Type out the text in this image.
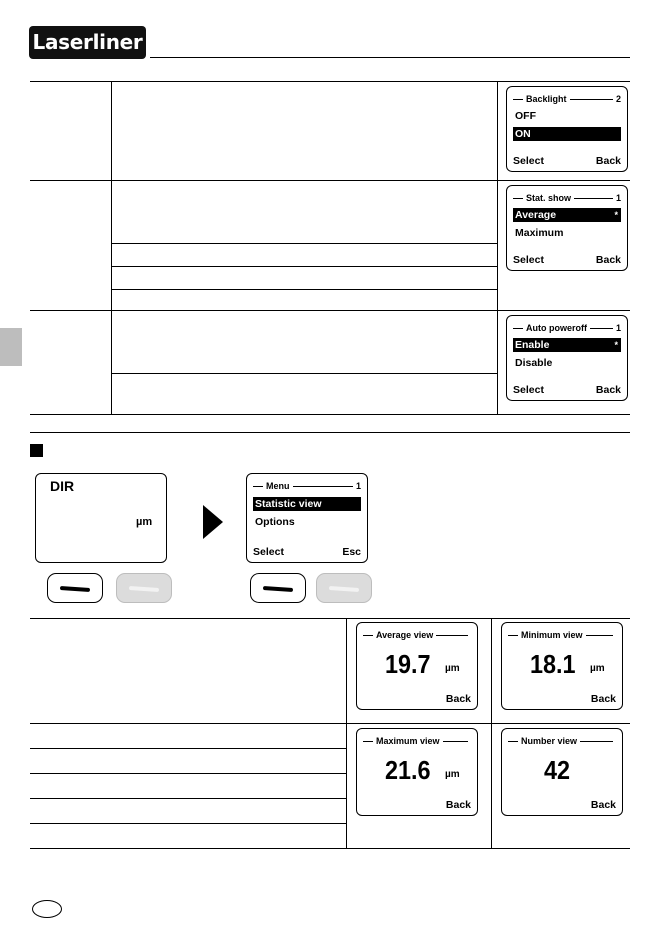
Laserliner
Backlight	2
OFF
ON
Select	Back
Stat. show	1
Average	*
Maximum
Select	Back
Auto poweroff	1
Enable	*
Disable
Select	Back
DIR
µm
Menu	1
Statistic view
Options
Select	Esc
Average view
19.7 µm
Back
Minimum view
18.1 µm
Back
Maximum view
21.6 µm
Back
Number view
42
Back
